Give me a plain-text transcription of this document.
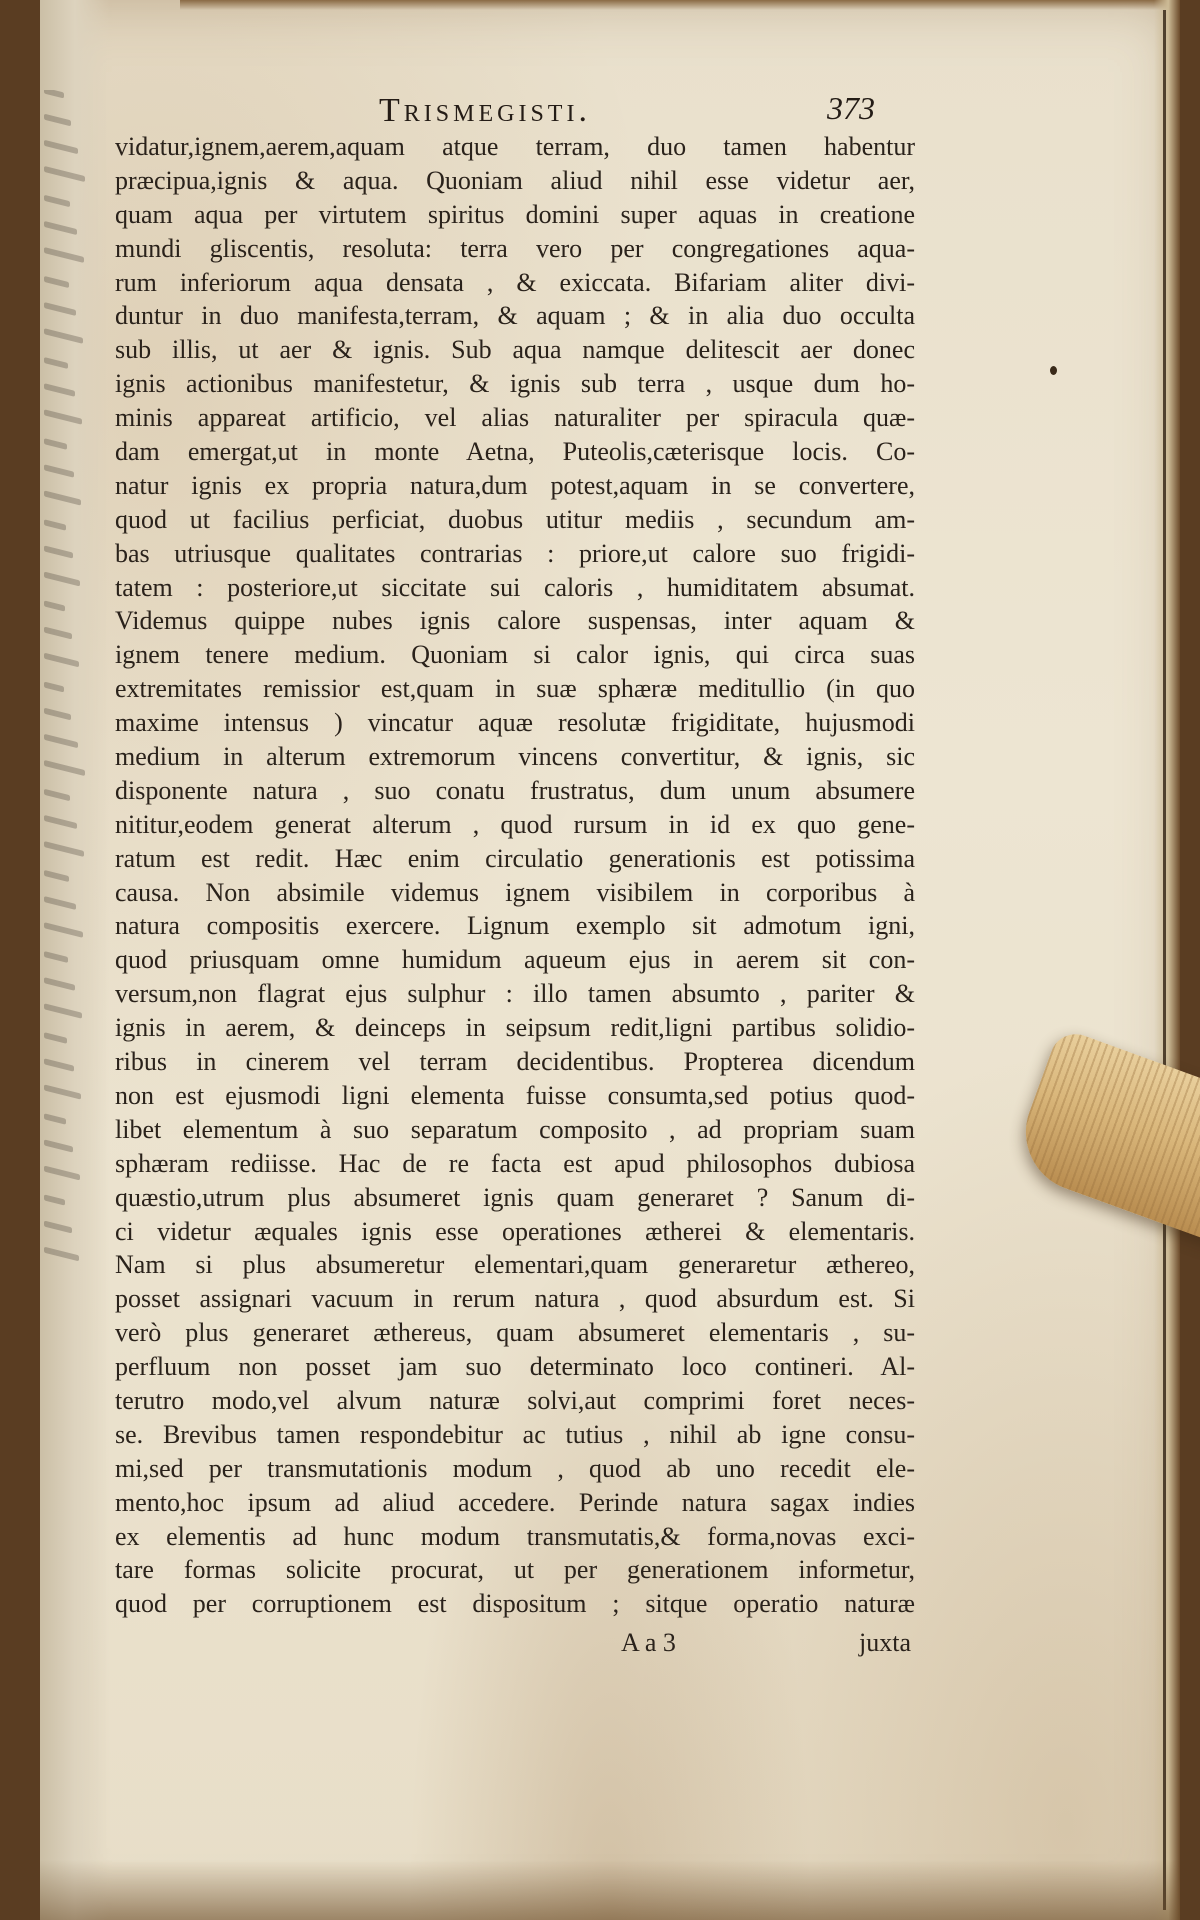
Trismegisti.	373
vidatur,ignem,aerem,aquam atque terram, duo tamen habentur
præcipua,ignis & aqua. Quoniam aliud nihil esse videtur aer,
quam aqua per virtutem spiritus domini super aquas in creatione
mundi gliscentis, resoluta: terra vero per congregationes aqua-
rum inferiorum aqua densata , & exiccata. Bifariam aliter divi-
duntur in duo manifesta,terram, & aquam ; & in alia duo occulta
sub illis, ut aer & ignis. Sub aqua namque delitescit aer donec
ignis actionibus manifestetur, & ignis sub terra , usque dum ho-
minis appareat artificio, vel alias naturaliter per spiracula quæ-
dam emergat,ut in monte Aetna, Puteolis,cæterisque locis. Co-
natur ignis ex propria natura,dum potest,aquam in se convertere,
quod ut facilius perficiat, duobus utitur mediis , secundum am-
bas utriusque qualitates contrarias : priore,ut calore suo frigidi-
tatem : posteriore,ut siccitate sui caloris , humiditatem absumat.
Videmus quippe nubes ignis calore suspensas, inter aquam &
ignem tenere medium. Quoniam si calor ignis, qui circa suas
extremitates remissior est,quam in suæ sphæræ meditullio (in quo
maxime intensus ) vincatur aquæ resolutæ frigiditate, hujusmodi
medium in alterum extremorum vincens convertitur, & ignis, sic
disponente natura , suo conatu frustratus, dum unum absumere
nititur,eodem generat alterum , quod rursum in id ex quo gene-
ratum est redit. Hæc enim circulatio generationis est potissima
causa. Non absimile videmus ignem visibilem in corporibus à
natura compositis exercere. Lignum exemplo sit admotum igni,
quod priusquam omne humidum aqueum ejus in aerem sit con-
versum,non flagrat ejus sulphur : illo tamen absumto , pariter &
ignis in aerem, & deinceps in seipsum redit,ligni partibus solidio-
ribus in cinerem vel terram decidentibus. Propterea dicendum
non est ejusmodi ligni elementa fuisse consumta,sed potius quod-
libet elementum à suo separatum composito , ad propriam suam
sphæram rediisse. Hac de re facta est apud philosophos dubiosa
quæstio,utrum plus absumeret ignis quam generaret ? Sanum di-
ci videtur æquales ignis esse operationes ætherei & elementaris.
Nam si plus absumeretur elementari,quam generaretur æthereo,
posset assignari vacuum in rerum natura , quod absurdum est. Si
verò plus generaret æthereus, quam absumeret elementaris , su-
perfluum non posset jam suo determinato loco contineri. Al-
terutro modo,vel alvum naturæ solvi,aut comprimi foret neces-
se. Brevibus tamen respondebitur ac tutius , nihil ab igne consu-
mi,sed per transmutationis modum , quod ab uno recedit ele-
mento,hoc ipsum ad aliud accedere. Perinde natura sagax indies
ex elementis ad hunc modum transmutatis,& forma,novas exci-
tare formas solicite procurat, ut per generationem informetur,
quod per corruptionem est dispositum ; sitque operatio naturæ
A a 3	juxta
